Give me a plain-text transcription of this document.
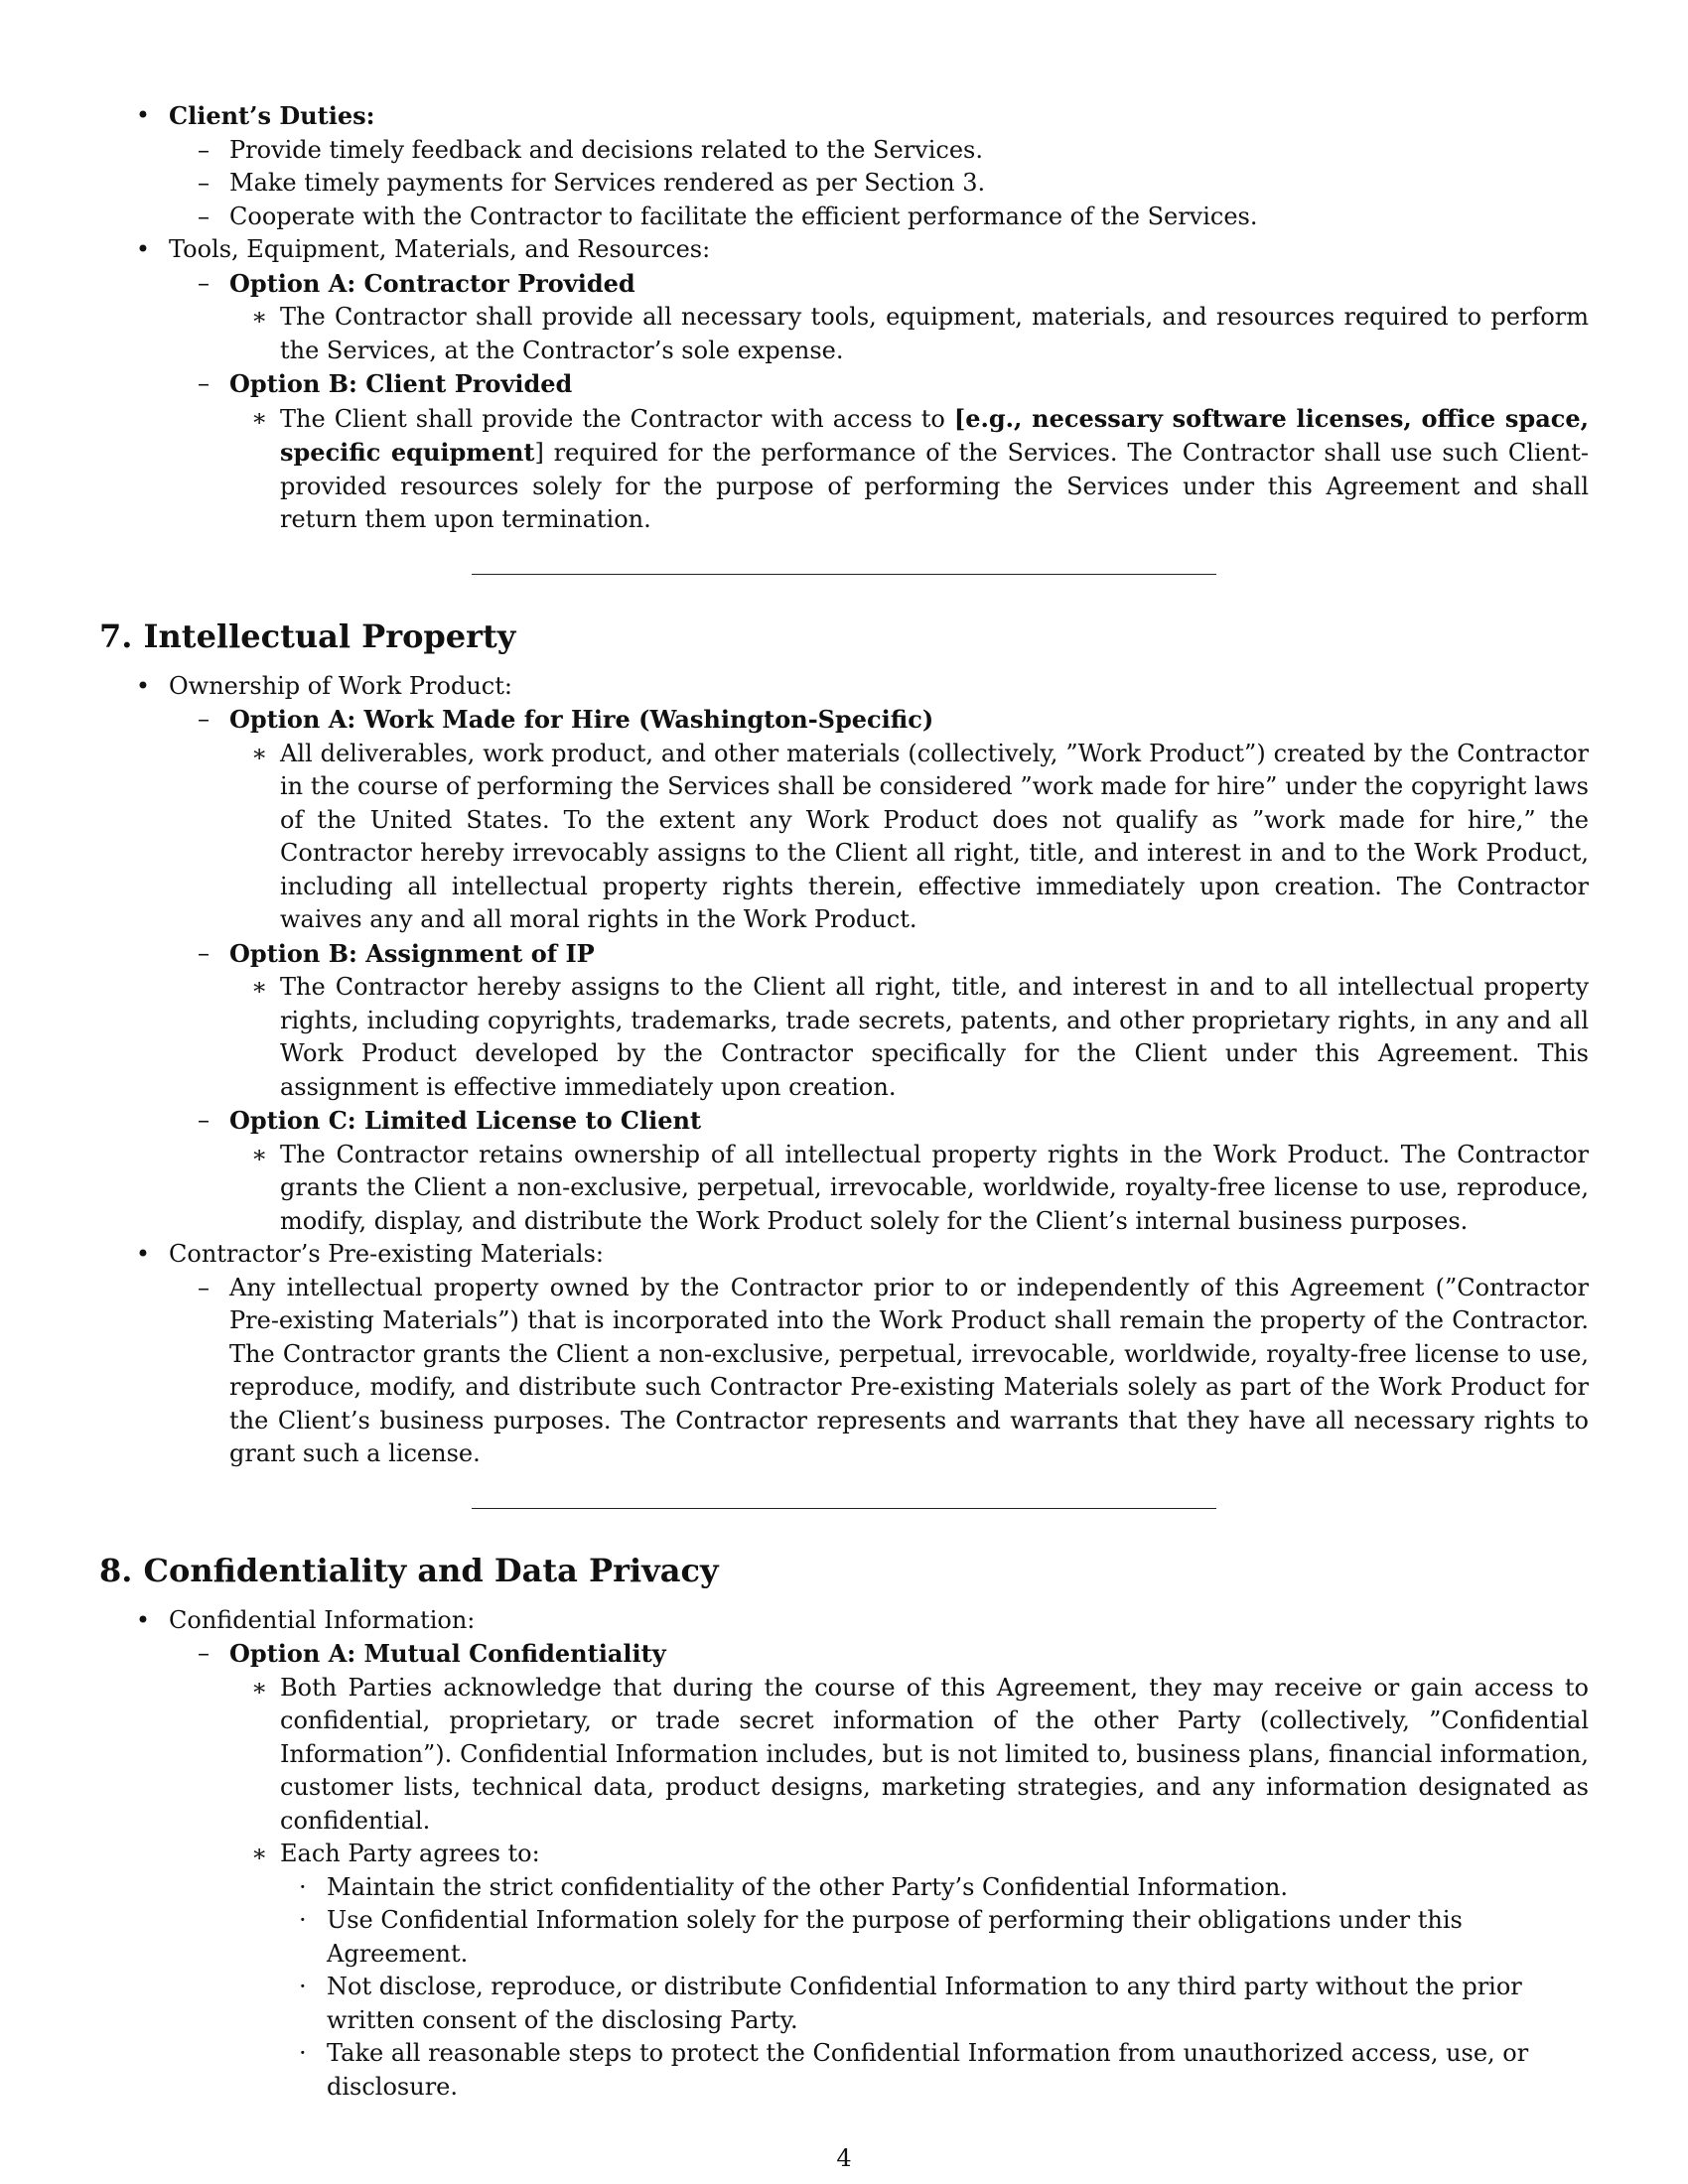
• Client’s Duties:
– Provide timely feedback and decisions related to the Services.
– Make timely payments for Services rendered as per Section 3.
– Cooperate with the Contractor to facilitate the efficient performance of the Services.
• Tools, Equipment, Materials, and Resources:
– Option A: Contractor Provided
∗ The Contractor shall provide all necessary tools, equipment, materials, and resources required to perform the Services, at the Contractor’s sole expense.
– Option B: Client Provided
∗ The Client shall provide the Contractor with access to [e.g., necessary software licenses, office space, specific equipment] required for the performance of the Services. The Contractor shall use such Client-provided resources solely for the purpose of performing the Services under this Agreement and shall return them upon termination.
7. Intellectual Property
• Ownership of Work Product:
– Option A: Work Made for Hire (Washington-Specific)
∗ All deliverables, work product, and other materials (collectively, ”Work Product”) created by the Contractor in the course of performing the Services shall be considered ”work made for hire” under the copyright laws of the United States. To the extent any Work Product does not qualify as ”work made for hire,” the Contractor hereby irrevocably assigns to the Client all right, title, and interest in and to the Work Product, including all intellectual property rights therein, effective immediately upon creation. The Contractor waives any and all moral rights in the Work Product.
– Option B: Assignment of IP
∗ The Contractor hereby assigns to the Client all right, title, and interest in and to all intellectual property rights, including copyrights, trademarks, trade secrets, patents, and other proprietary rights, in any and all Work Product developed by the Contractor specifically for the Client under this Agreement. This assignment is effective immediately upon creation.
– Option C: Limited License to Client
∗ The Contractor retains ownership of all intellectual property rights in the Work Product. The Contractor grants the Client a non-exclusive, perpetual, irrevocable, worldwide, royalty-free license to use, reproduce, modify, display, and distribute the Work Product solely for the Client’s internal business purposes.
• Contractor’s Pre-existing Materials:
– Any intellectual property owned by the Contractor prior to or independently of this Agreement (”Contractor Pre-existing Materials”) that is incorporated into the Work Product shall remain the property of the Contractor. The Contractor grants the Client a non-exclusive, perpetual, irrevocable, worldwide, royalty-free license to use, reproduce, modify, and distribute such Contractor Pre-existing Materials solely as part of the Work Product for the Client’s business purposes. The Contractor represents and warrants that they have all necessary rights to grant such a license.
8. Confidentiality and Data Privacy
• Confidential Information:
– Option A: Mutual Confidentiality
∗ Both Parties acknowledge that during the course of this Agreement, they may receive or gain access to confidential, proprietary, or trade secret information of the other Party (collectively, ”Confidential Information”). Confidential Information includes, but is not limited to, business plans, financial information, customer lists, technical data, product designs, marketing strategies, and any information designated as confidential.
∗ Each Party agrees to:
· Maintain the strict confidentiality of the other Party’s Confidential Information.
· Use Confidential Information solely for the purpose of performing their obligations under this Agreement.
· Not disclose, reproduce, or distribute Confidential Information to any third party without the prior written consent of the disclosing Party.
· Take all reasonable steps to protect the Confidential Information from unauthorized access, use, or disclosure.
4
